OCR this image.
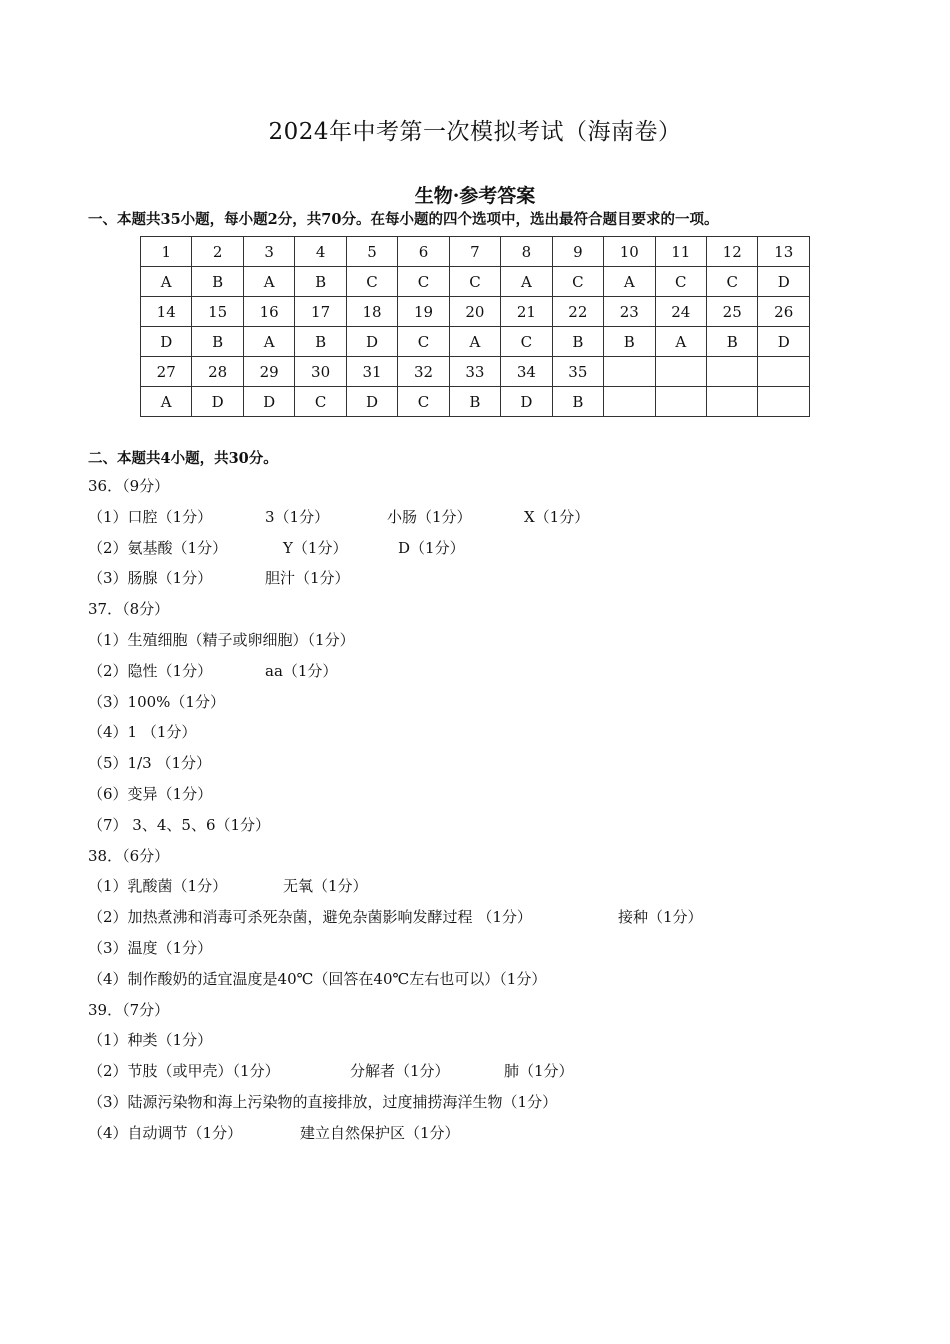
2024年中考第一次模拟考试（海南卷）
生物·参考答案
一、本题共35小题，每小题2分，共70分。在每小题的四个选项中，选出最符合题目要求的一项。
1	2	3	4	5	6	7	8	9	10	11	12	13
A	B	A	B	C	C	C	A	C	A	C	C	D
14	15	16	17	18	19	20	21	22	23	24	25	26
D	B	A	B	D	C	A	C	B	B	A	B	D
27	28	29	30	31	32	33	34	35				
A	D	D	C	D	C	B	D	B				
二、本题共4小题，共30分。
36．（9分）
（1）口腔（1分）	3（1分）	小肠（1分）	X（1分）
（2）氨基酸（1分）	Y（1分）	D（1分）
（3）肠腺（1分）	胆汁（1分）
37．（8分）
（1）生殖细胞（精子或卵细胞）（1分）
（2）隐性（1分）	aa（1分）
（3）100%（1分）
（4）1 （1分）
（5）1/3 （1分）
（6）变异（1分）
（7） 3、4、5、6（1分）
38．（6分）
（1）乳酸菌（1分）	无氧（1分）
（2）加热煮沸和消毒可杀死杂菌，避免杂菌影响发酵过程 （1分）	接种（1分）
（3）温度（1分）
（4）制作酸奶的适宜温度是40℃（回答在40℃左右也可以）（1分）
39．（7分）
（1）种类（1分）
（2）节肢（或甲壳）（1分）	分解者（1分）	肺（1分）
（3）陆源污染物和海上污染物的直接排放，过度捕捞海洋生物（1分）
（4）自动调节（1分）	建立自然保护区（1分）
